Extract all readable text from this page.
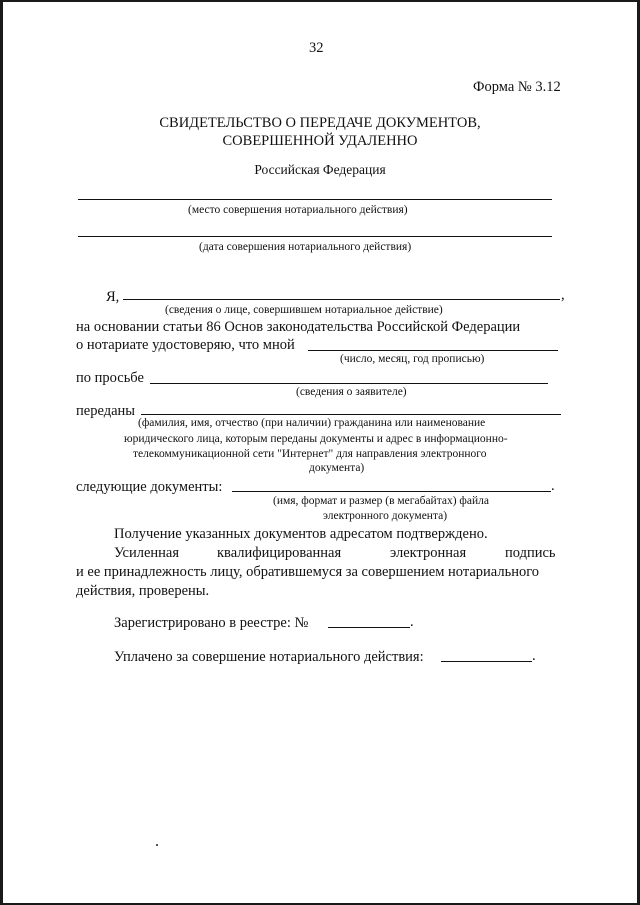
32
Форма № 3.12
СВИДЕТЕЛЬСТВО О ПЕРЕДАЧЕ ДОКУМЕНТОВ,
СОВЕРШЕННОЙ УДАЛЕННО
Российская Федерация
(место совершения нотариального действия)
(дата совершения нотариального действия)
Я,	,
(сведения о лице, совершившем нотариальное действие)
на основании статьи 86 Основ законодательства Российской Федерации
о нотариате удостоверяю, что мной
(число, месяц, год прописью)
по просьбе
(сведения о заявителе)
переданы
(фамилия, имя, отчество (при наличии) гражданина или наименование
юридического лица, которым переданы документы и адрес в информационно-
телекоммуникационной сети "Интернет" для направления электронного
документа)
следующие документы:	.
(имя, формат и размер (в мегабайтах) файла
электронного документа)
Получение указанных документов адресатом подтверждено.
Усиленная	квалифицированная	электронная	подпись
и ее принадлежность лицу, обратившемуся за совершением нотариального
действия, проверены.
Зарегистрировано в реестре: №	.
Уплачено за совершение нотариального действия:	.
